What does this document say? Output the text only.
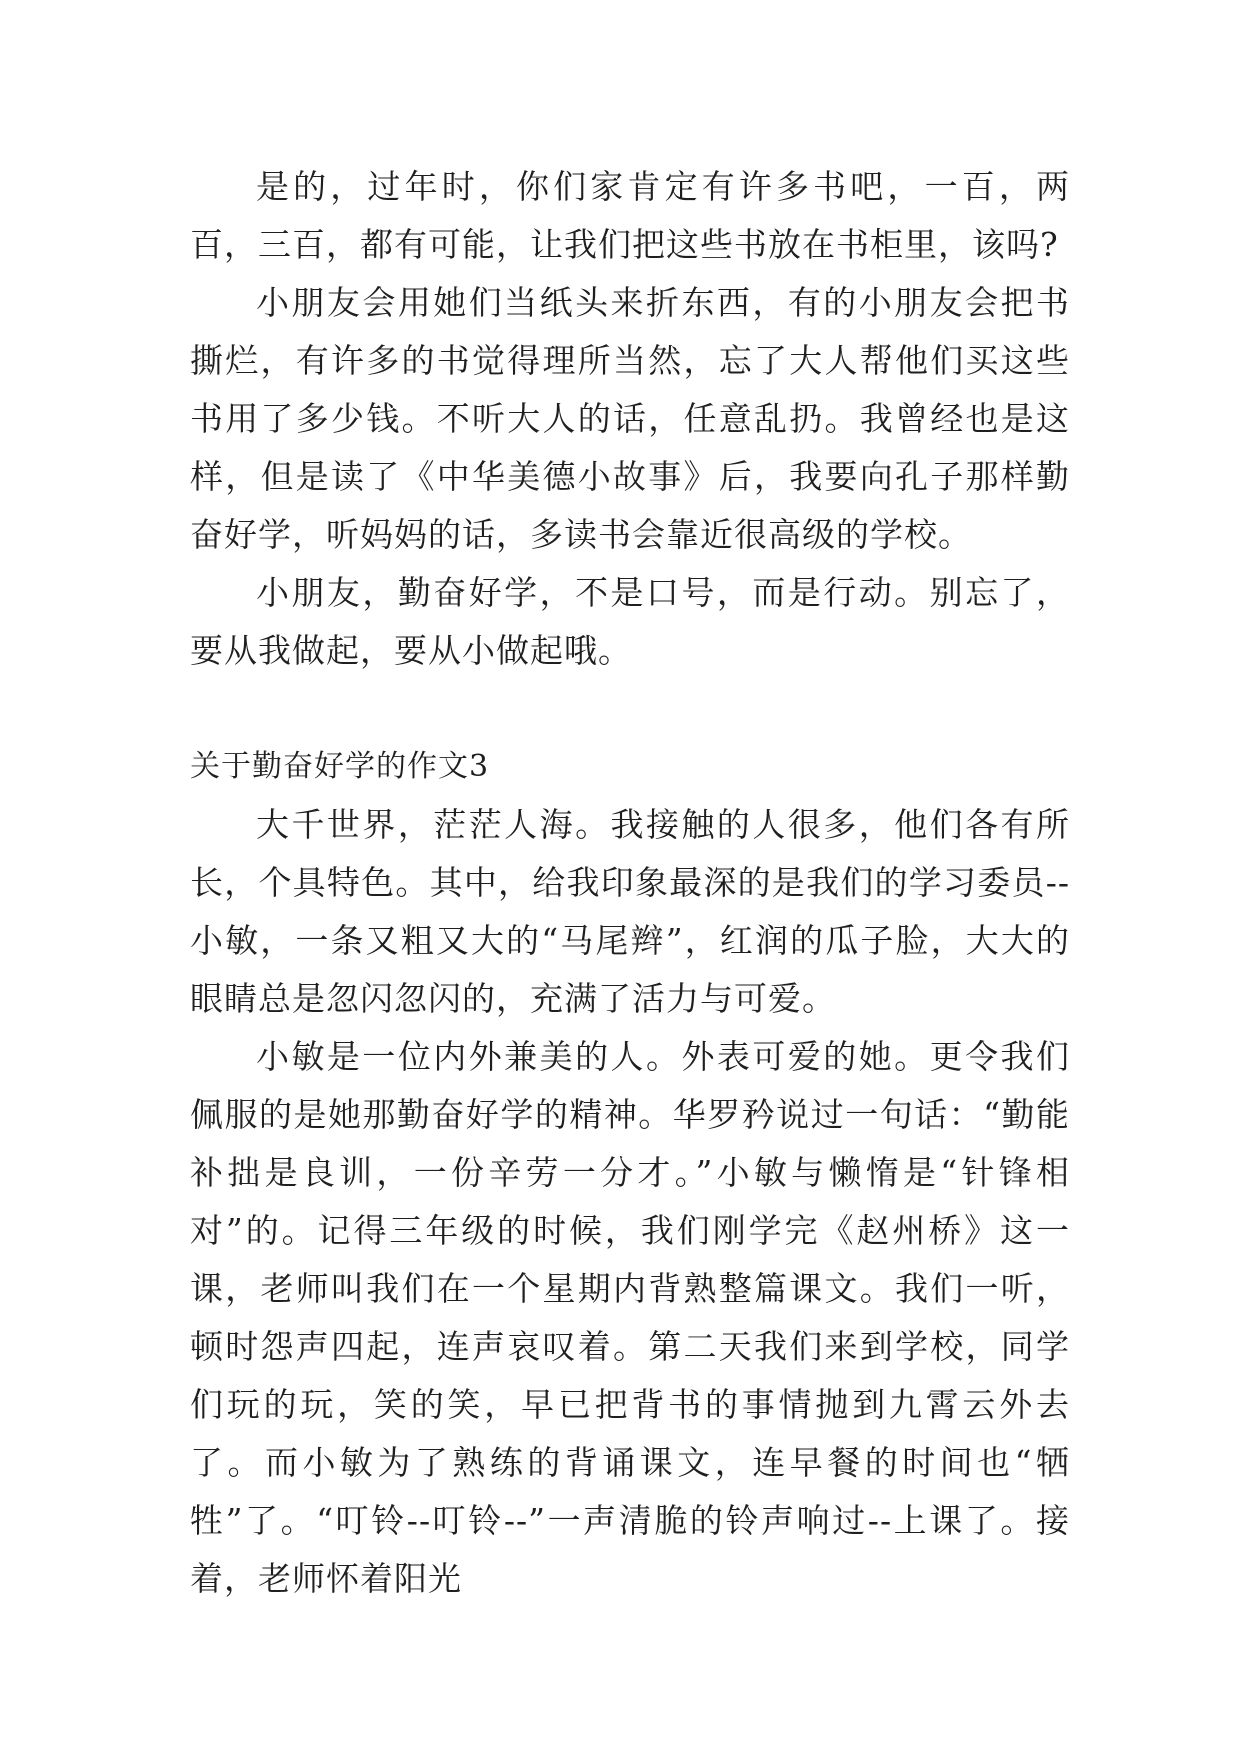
是的，过年时，你们家肯定有许多书吧，一百，两百，三百，都有可能，让我们把这些书放在书柜里，该吗?

小朋友会用她们当纸头来折东西，有的小朋友会把书撕烂，有许多的书觉得理所当然，忘了大人帮他们买这些书用了多少钱。不听大人的话，任意乱扔。我曾经也是这样，但是读了《中华美德小故事》后，我要向孔子那样勤奋好学，听妈妈的话，多读书会靠近很高级的学校。

小朋友，勤奋好学，不是口号，而是行动。别忘了，要从我做起，要从小做起哦。

关于勤奋好学的作文3

大千世界，茫茫人海。我接触的人很多，他们各有所长，个具特色。其中，给我印象最深的是我们的学习委员--小敏，一条又粗又大的“马尾辫”，红润的瓜子脸，大大的眼睛总是忽闪忽闪的，充满了活力与可爱。

小敏是一位内外兼美的人。外表可爱的她。更令我们佩服的是她那勤奋好学的精神。华罗矜说过一句话：“勤能补拙是良训，一份辛劳一分才。”小敏与懒惰是“针锋相对”的。记得三年级的时候，我们刚学完《赵州桥》这一课，老师叫我们在一个星期内背熟整篇课文。我们一听，顿时怨声四起，连声哀叹着。第二天我们来到学校，同学们玩的玩，笑的笑，早已把背书的事情抛到九霄云外去了。而小敏为了熟练的背诵课文，连早餐的时间也“牺牲”了。“叮铃--叮铃--”一声清脆的铃声响过--上课了。接着，老师怀着阳光
